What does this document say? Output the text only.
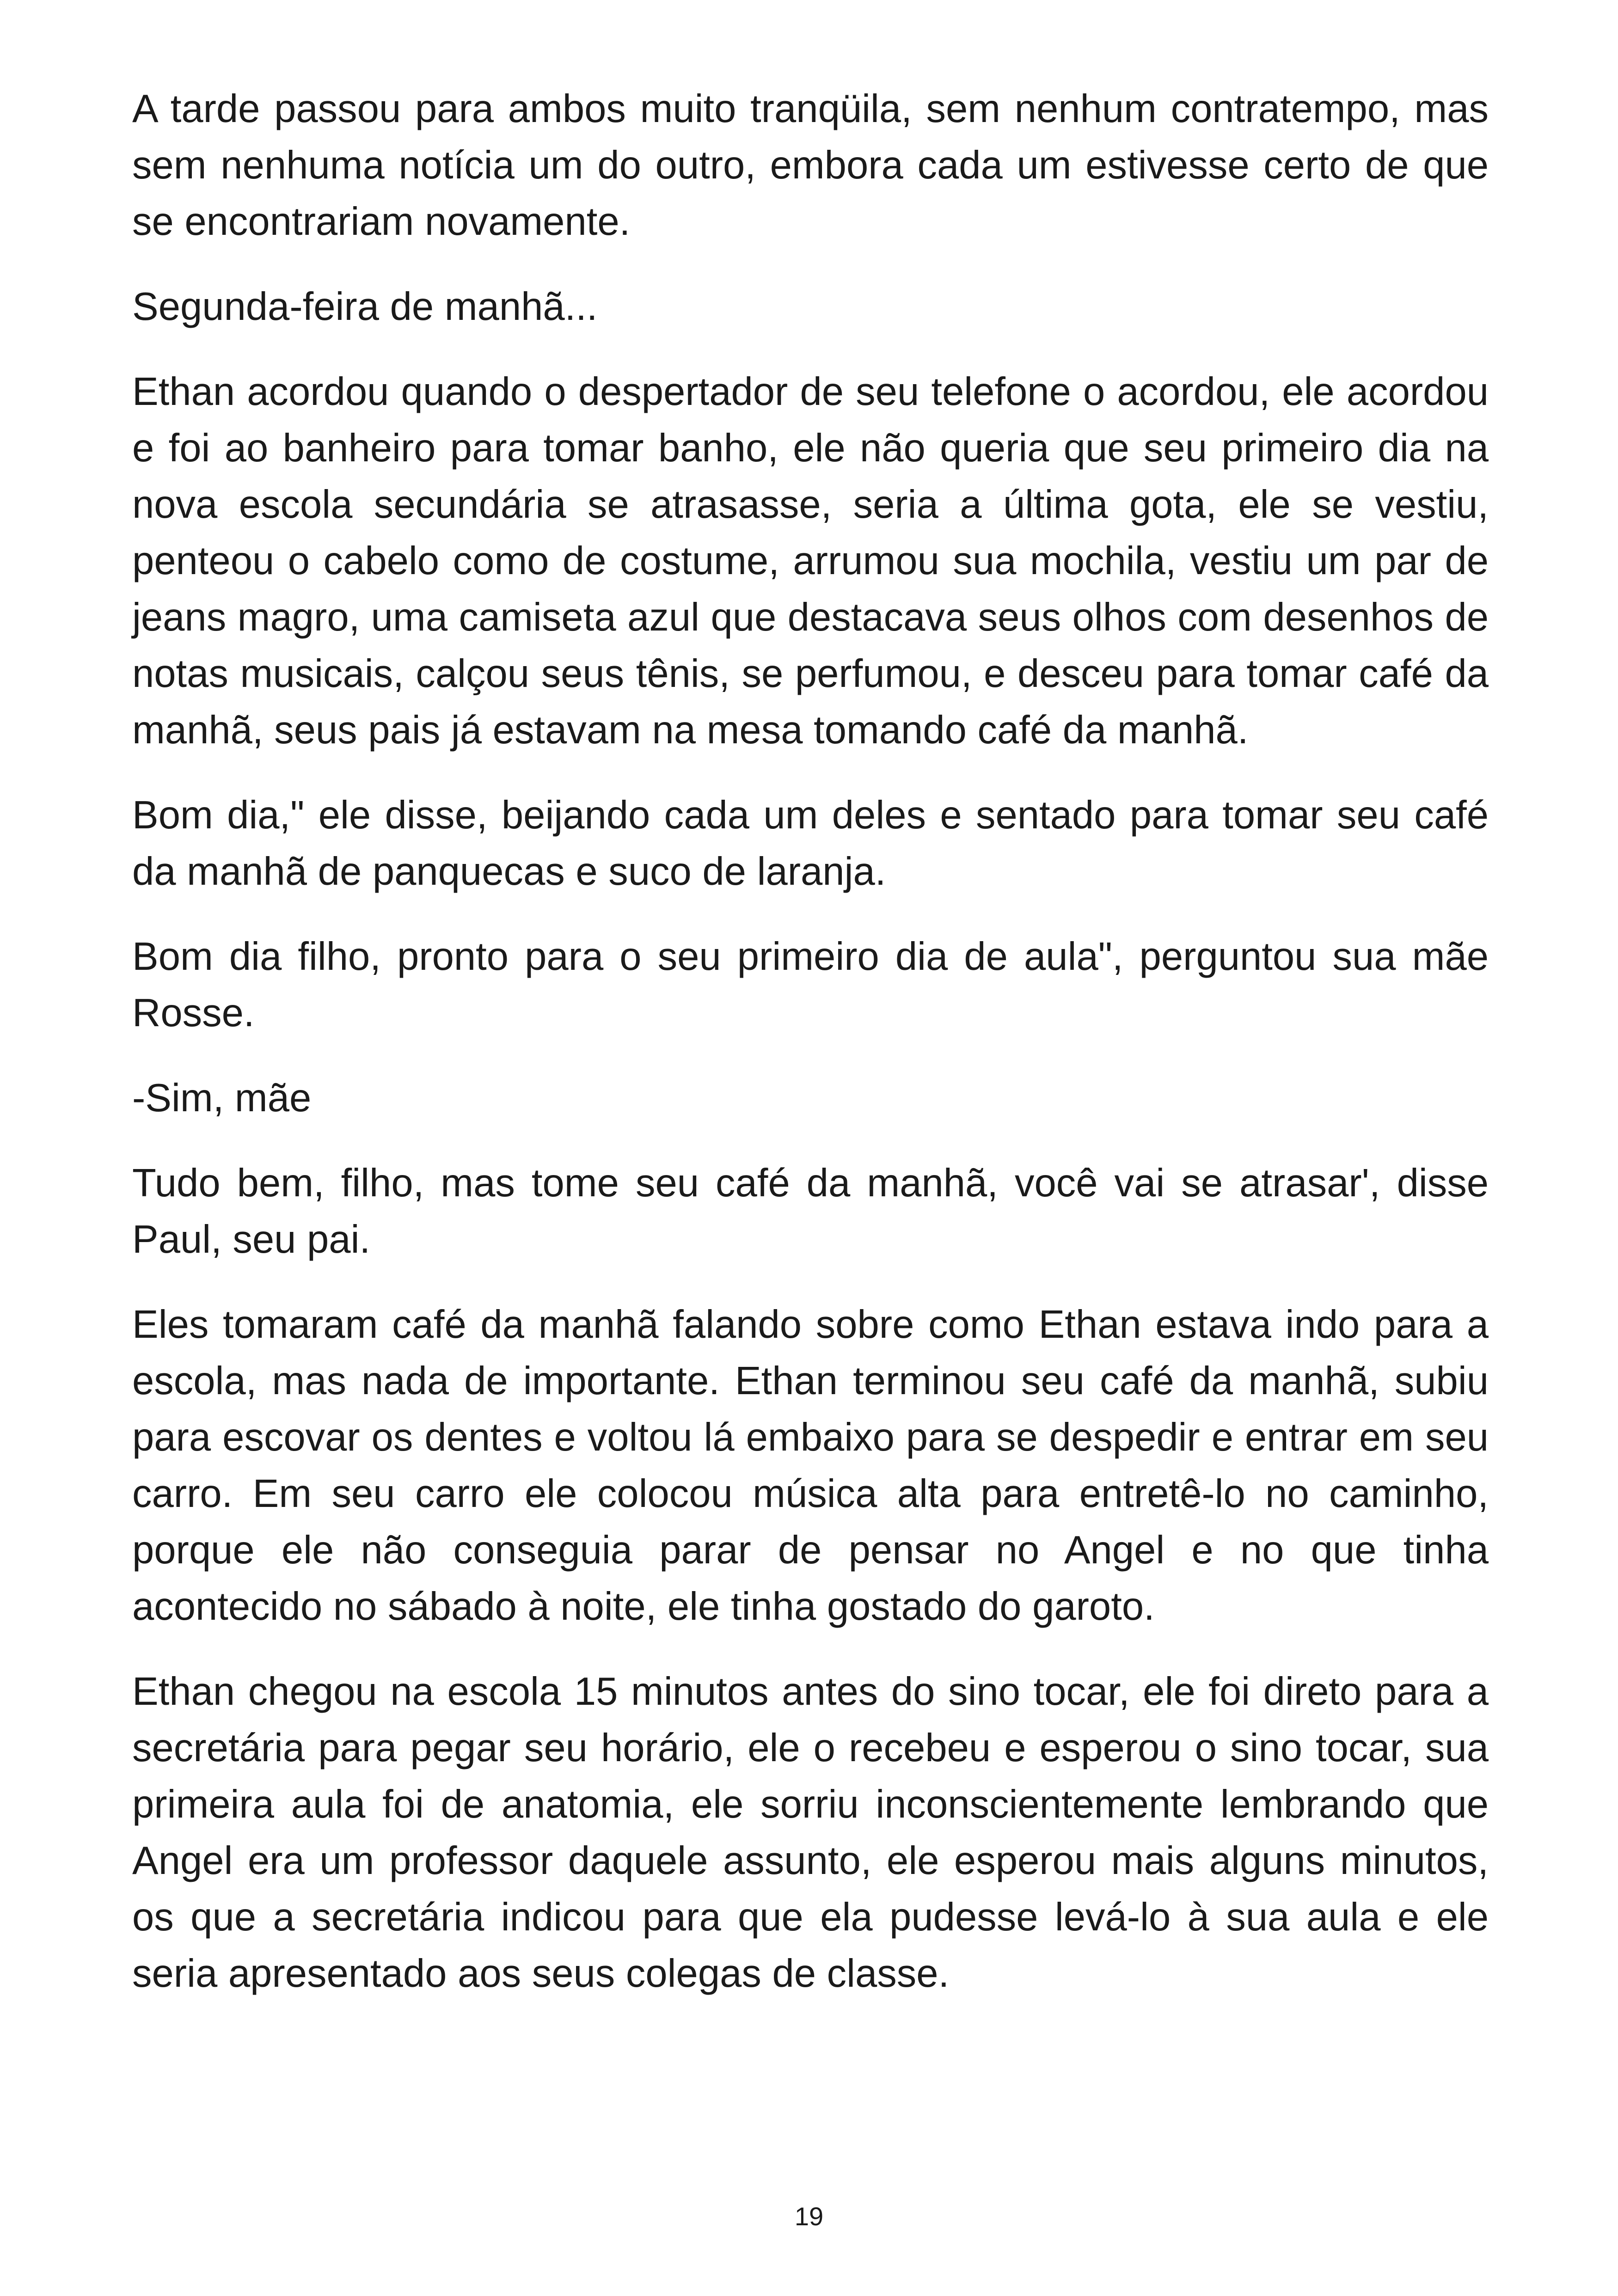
A tarde passou para ambos muito tranqüila, sem nenhum contratempo, mas sem nenhuma notícia um do outro, embora cada um estivesse certo de que se encontrariam novamente.

Segunda-feira de manhã...

Ethan acordou quando o despertador de seu telefone o acordou, ele acordou e foi ao banheiro para tomar banho, ele não queria que seu primeiro dia na nova escola secundária se atrasasse, seria a última gota, ele se vestiu, penteou o cabelo como de costume, arrumou sua mochila, vestiu um par de jeans magro, uma camiseta azul que destacava seus olhos com desenhos de notas musicais, calçou seus tênis, se perfumou, e desceu para tomar café da manhã, seus pais já estavam na mesa tomando café da manhã.

Bom dia," ele disse, beijando cada um deles e sentado para tomar seu café da manhã de panquecas e suco de laranja.

Bom dia filho, pronto para o seu primeiro dia de aula", perguntou sua mãe Rosse.

-Sim, mãe

Tudo bem, filho, mas tome seu café da manhã, você vai se atrasar', disse Paul, seu pai.

Eles tomaram café da manhã falando sobre como Ethan estava indo para a escola, mas nada de importante. Ethan terminou seu café da manhã, subiu para escovar os dentes e voltou lá embaixo para se despedir e entrar em seu carro. Em seu carro ele colocou música alta para entretê-lo no caminho, porque ele não conseguia parar de pensar no Angel e no que tinha acontecido no sábado à noite, ele tinha gostado do garoto.

Ethan chegou na escola 15 minutos antes do sino tocar, ele foi direto para a secretária para pegar seu horário, ele o recebeu e esperou o sino tocar, sua primeira aula foi de anatomia, ele sorriu inconscientemente lembrando que Angel era um professor daquele assunto, ele esperou mais alguns minutos, os que a secretária indicou para que ela pudesse levá-lo à sua aula e ele seria apresentado aos seus colegas de classe.

19
